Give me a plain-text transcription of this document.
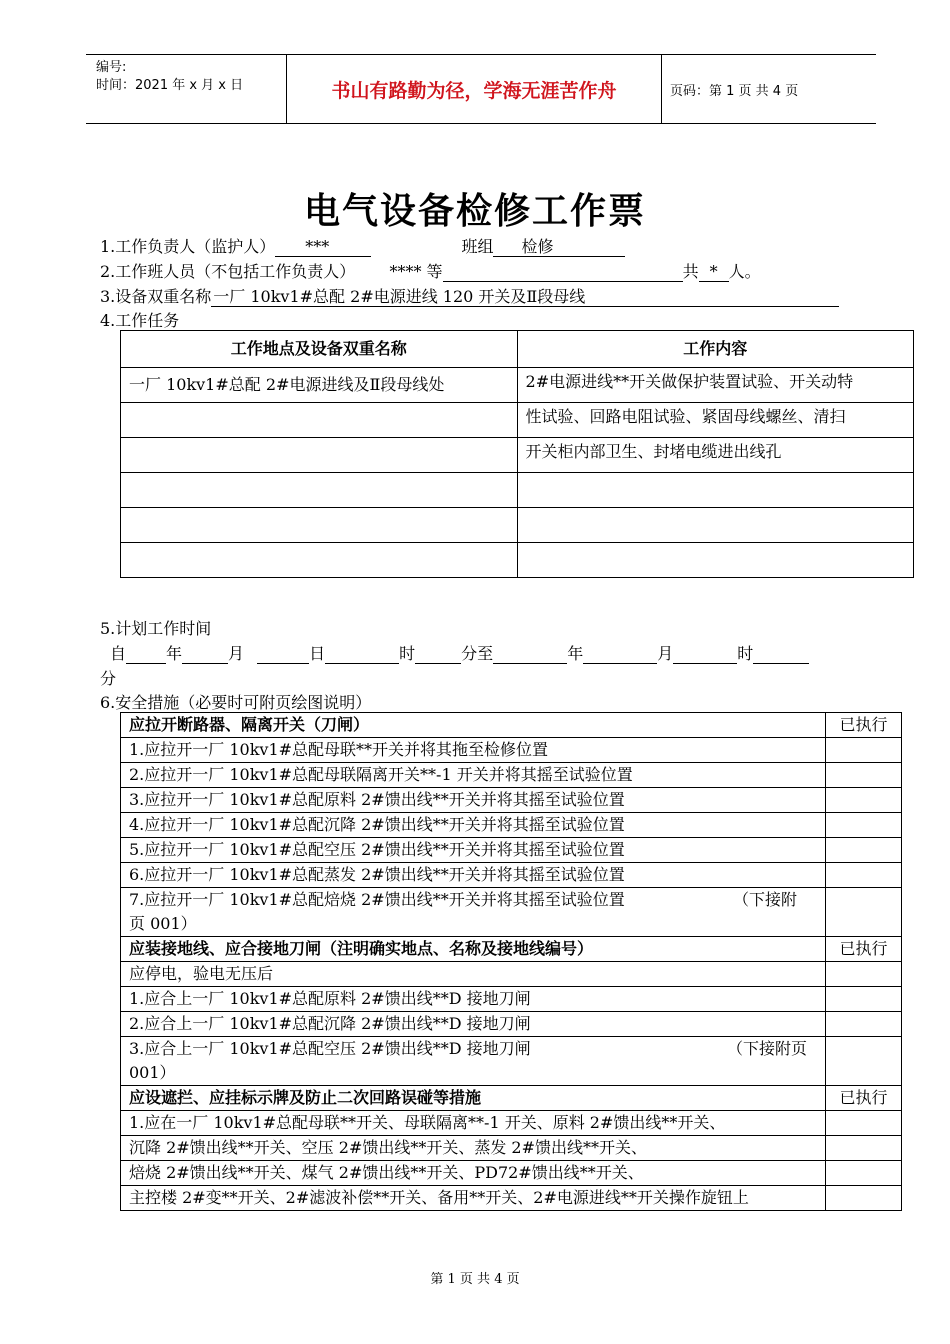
编号:
时间：2021 年 x 月 x 日	书山有路勤为径，学海无涯苦作舟	页码：第 1 页 共 4 页
电气设备检修工作票
1.工作负责人（监护人） ***	班组 检修
2.工作班人员（不包括工作负责人） **** 等	共 * 人。
3.设备双重名称 一厂 10kv1#总配 2#电源进线 120 开关及Ⅱ段母线
4.工作任务
工作地点及设备双重名称	工作内容
一厂 10kv1#总配 2#电源进线及Ⅱ段母线处	2#电源进线**开关做保护装置试验、开关动特
	性试验、回路电阻试验、紧固母线螺丝、清扫
	开关柜内部卫生、封堵电缆进出线孔

5.计划工作时间
自	年	月	日	时	分至	年	月	时
分
6.安全措施（必要时可附页绘图说明）
应拉开断路器、隔离开关（刀闸）	已执行
1.应拉开一厂 10kv1#总配母联**开关并将其拖至检修位置	
2.应拉开一厂 10kv1#总配母联隔离开关**-1 开关并将其摇至试验位置	
3.应拉开一厂 10kv1#总配原料 2#馈出线**开关并将其摇至试验位置	
4.应拉开一厂 10kv1#总配沉降 2#馈出线**开关并将其摇至试验位置	
5.应拉开一厂 10kv1#总配空压 2#馈出线**开关并将其摇至试验位置	
6.应拉开一厂 10kv1#总配蒸发 2#馈出线**开关并将其摇至试验位置	

7.应拉开一厂 10kv1#总配焙烧 2#馈出线**开关并将其摇至试验位置 （下接附
页 001）	

应装接地线、应合接地刀闸（注明确实地点、名称及接地线编号）	已执行
应停电，验电无压后	
1.应合上一厂 10kv1#总配原料 2#馈出线**D 接地刀闸	
2.应合上一厂 10kv1#总配沉降 2#馈出线**D 接地刀闸	

3.应合上一厂 10kv1#总配空压 2#馈出线**D 接地刀闸 （下接附页
001）	

应设遮拦、应挂标示牌及防止二次回路误碰等措施	已执行
1.应在一厂 10kv1#总配母联**开关、母联隔离**-1 开关、原料 2#馈出线**开关、	
沉降 2#馈出线**开关、空压 2#馈出线**开关、蒸发 2#馈出线**开关、	
焙烧 2#馈出线**开关、煤气 2#馈出线**开关、PD72#馈出线**开关、	
主控楼 2#变**开关、2#滤波补偿**开关、备用**开关、2#电源进线**开关操作旋钮上	
第 1 页 共 4 页
